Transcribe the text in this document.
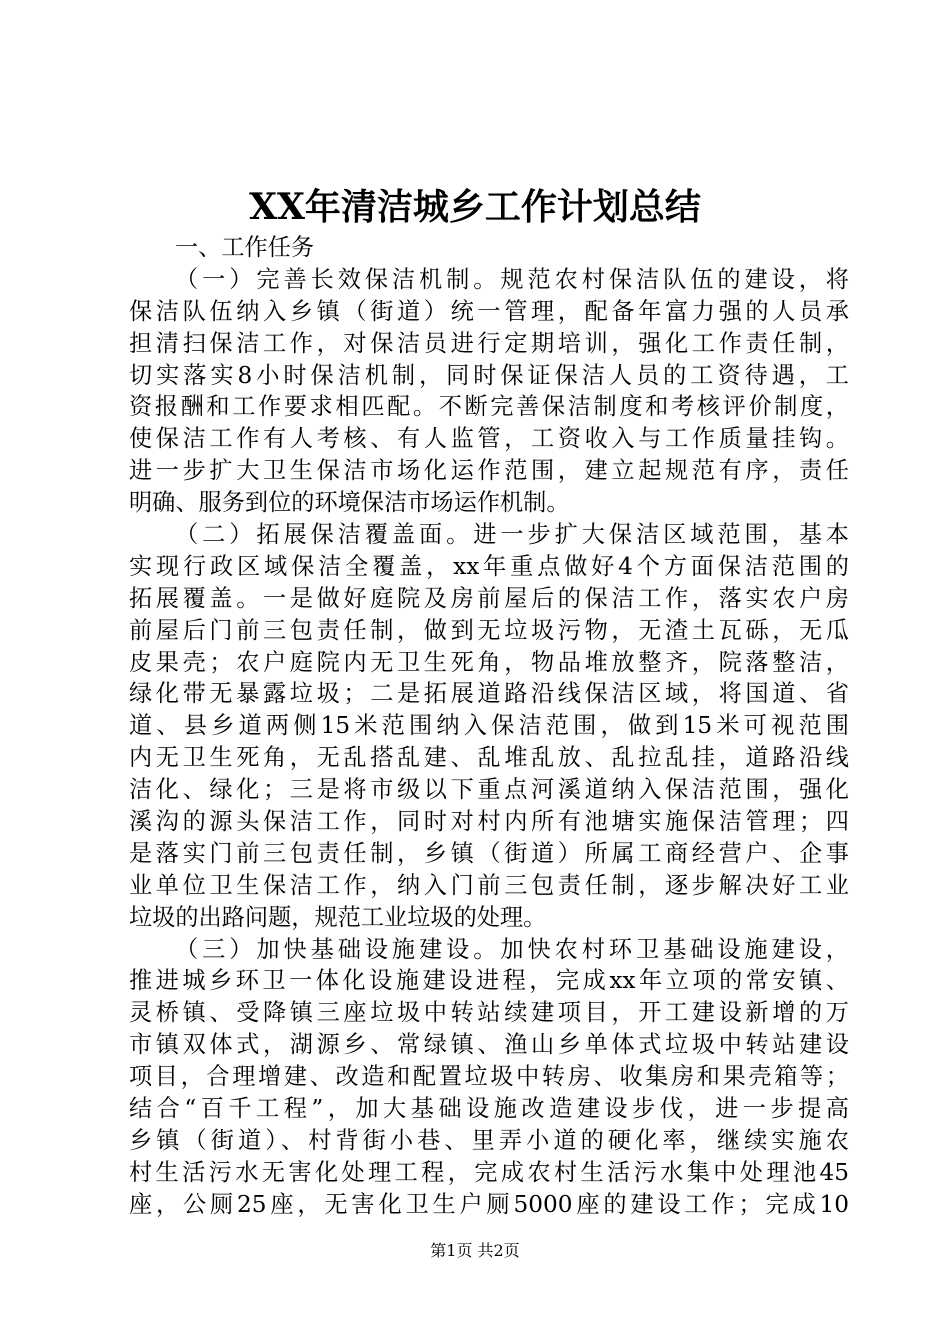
XX年清洁城乡工作计划总结
一、工作任务
（一）完善长效保洁机制。规范农村保洁队伍的建设，将
保洁队伍纳入乡镇（街道）统一管理，配备年富力强的人员承
担清扫保洁工作，对保洁员进行定期培训，强化工作责任制，
切实落实8小时保洁机制，同时保证保洁人员的工资待遇，工
资报酬和工作要求相匹配。不断完善保洁制度和考核评价制度，
使保洁工作有人考核、有人监管，工资收入与工作质量挂钩。
进一步扩大卫生保洁市场化运作范围，建立起规范有序，责任
明确、服务到位的环境保洁市场运作机制。
（二）拓展保洁覆盖面。进一步扩大保洁区域范围，基本
实现行政区域保洁全覆盖，xx年重点做好4个方面保洁范围的
拓展覆盖。一是做好庭院及房前屋后的保洁工作，落实农户房
前屋后门前三包责任制，做到无垃圾污物，无渣土瓦砾，无瓜
皮果壳；农户庭院内无卫生死角，物品堆放整齐，院落整洁，
绿化带无暴露垃圾；二是拓展道路沿线保洁区域，将国道、省
道、县乡道两侧15米范围纳入保洁范围，做到15米可视范围
内无卫生死角，无乱搭乱建、乱堆乱放、乱拉乱挂，道路沿线
洁化、绿化；三是将市级以下重点河溪道纳入保洁范围，强化
溪沟的源头保洁工作，同时对村内所有池塘实施保洁管理；四
是落实门前三包责任制，乡镇（街道）所属工商经营户、企事
业单位卫生保洁工作，纳入门前三包责任制，逐步解决好工业
垃圾的出路问题，规范工业垃圾的处理。
（三）加快基础设施建设。加快农村环卫基础设施建设，
推进城乡环卫一体化设施建设进程，完成xx年立项的常安镇、
灵桥镇、受降镇三座垃圾中转站续建项目，开工建设新增的万
市镇双体式，湖源乡、常绿镇、渔山乡单体式垃圾中转站建设
项目，合理增建、改造和配置垃圾中转房、收集房和果壳箱等；
结合“百千工程”，加大基础设施改造建设步伐，进一步提高
乡镇（街道）、村背街小巷、里弄小道的硬化率，继续实施农
村生活污水无害化处理工程，完成农村生活污水集中处理池45
座，公厕25座，无害化卫生户厕5000座的建设工作；完成10
第1页 共2页
